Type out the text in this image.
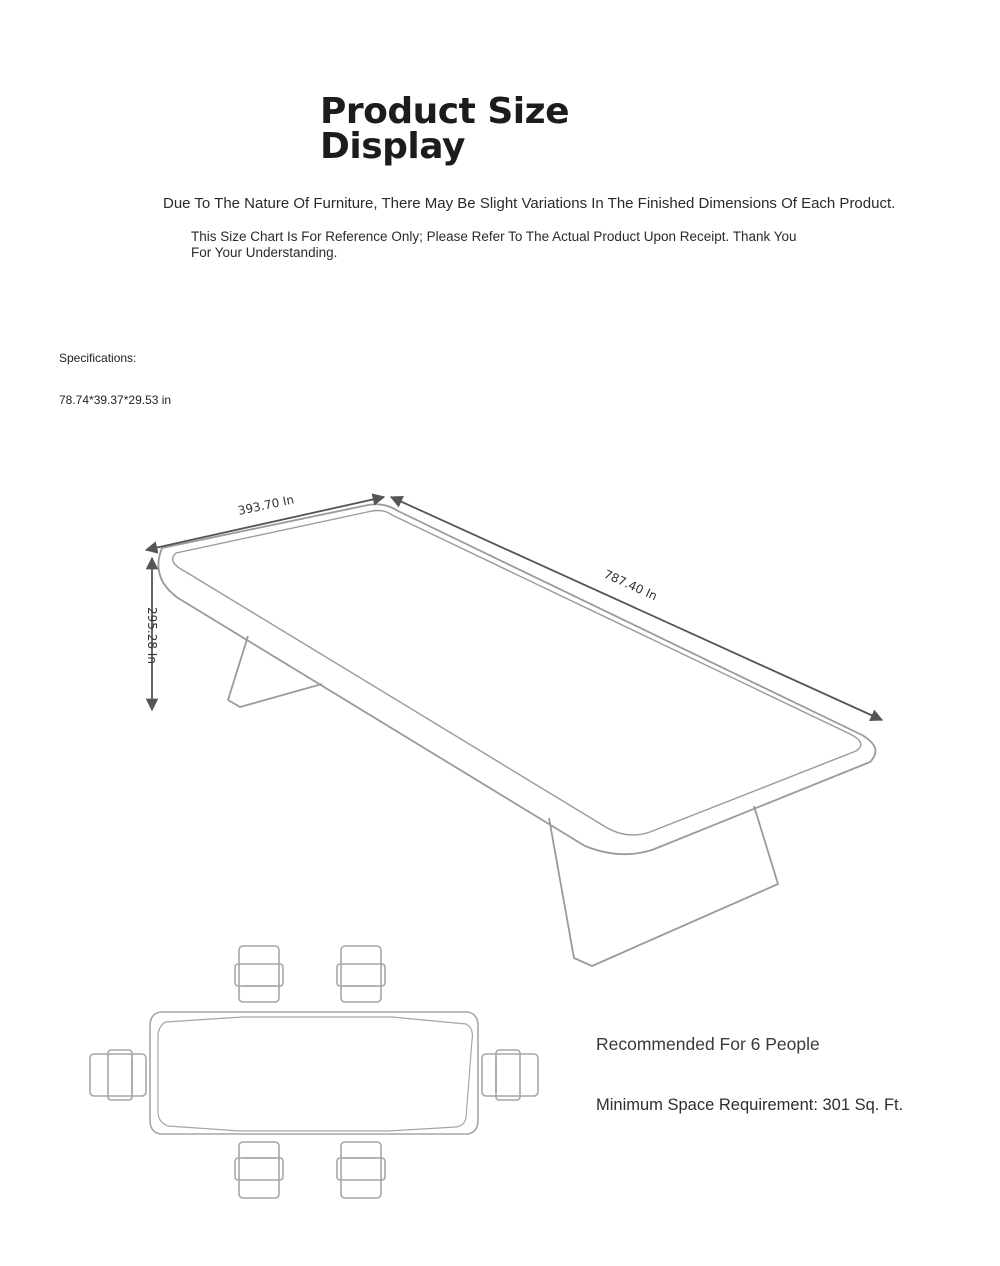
Product Size
Display

Due To The Nature Of Furniture, There May Be Slight Variations In The Finished Dimensions Of Each Product.

This Size Chart Is For Reference Only; Please Refer To The Actual Product Upon Receipt. Thank You For Your Understanding.

Specifications:

78.74*39.37*29.53 in

393.70 In
787.40 In
295.28 In

Recommended For 6 People

Minimum Space Requirement: 301 Sq. Ft.
